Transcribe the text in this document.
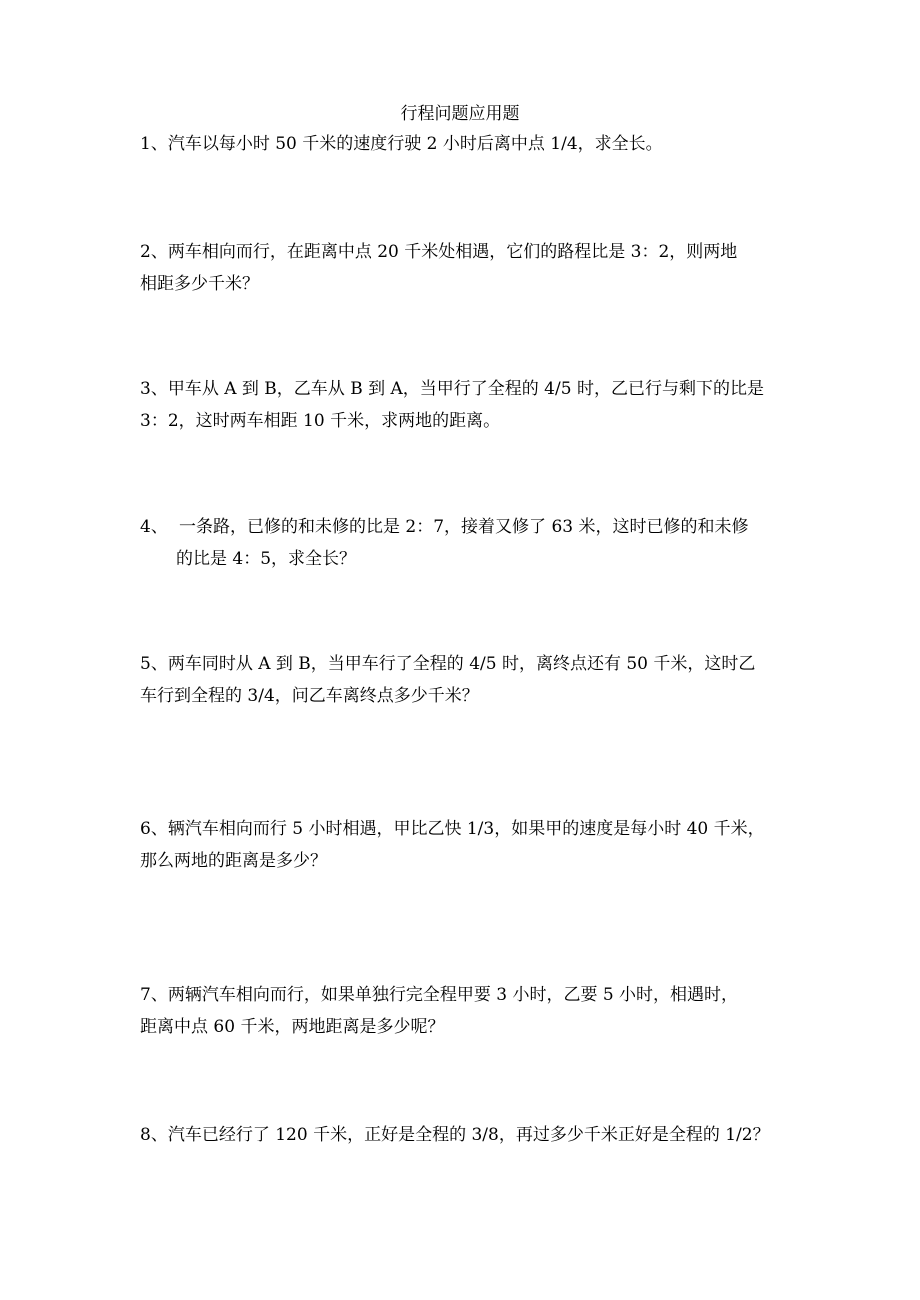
行程问题应用题
1、汽车以每小时 50 千米的速度行驶 2 小时后离中点 1/4，求全长。
2、两车相向而行，在距离中点 20 千米处相遇，它们的路程比是 3：2，则两地
相距多少千米？
3、甲车从 A 到 B，乙车从 B 到 A，当甲行了全程的 4/5 时，乙已行与剩下的比是
3：2，这时两车相距 10 千米，求两地的距离。
4、 一条路，已修的和未修的比是 2：7，接着又修了 63 米，这时已修的和未修
的比是 4：5，求全长？
5、两车同时从 A 到 B，当甲车行了全程的 4/5 时，离终点还有 50 千米，这时乙
车行到全程的 3/4，问乙车离终点多少千米？
6、辆汽车相向而行 5 小时相遇，甲比乙快 1/3，如果甲的速度是每小时 40 千米，
那么两地的距离是多少？
7、两辆汽车相向而行，如果单独行完全程甲要 3 小时，乙要 5 小时，相遇时，
距离中点 60 千米，两地距离是多少呢？
8、汽车已经行了 120 千米，正好是全程的 3/8，再过多少千米正好是全程的 1/2？
